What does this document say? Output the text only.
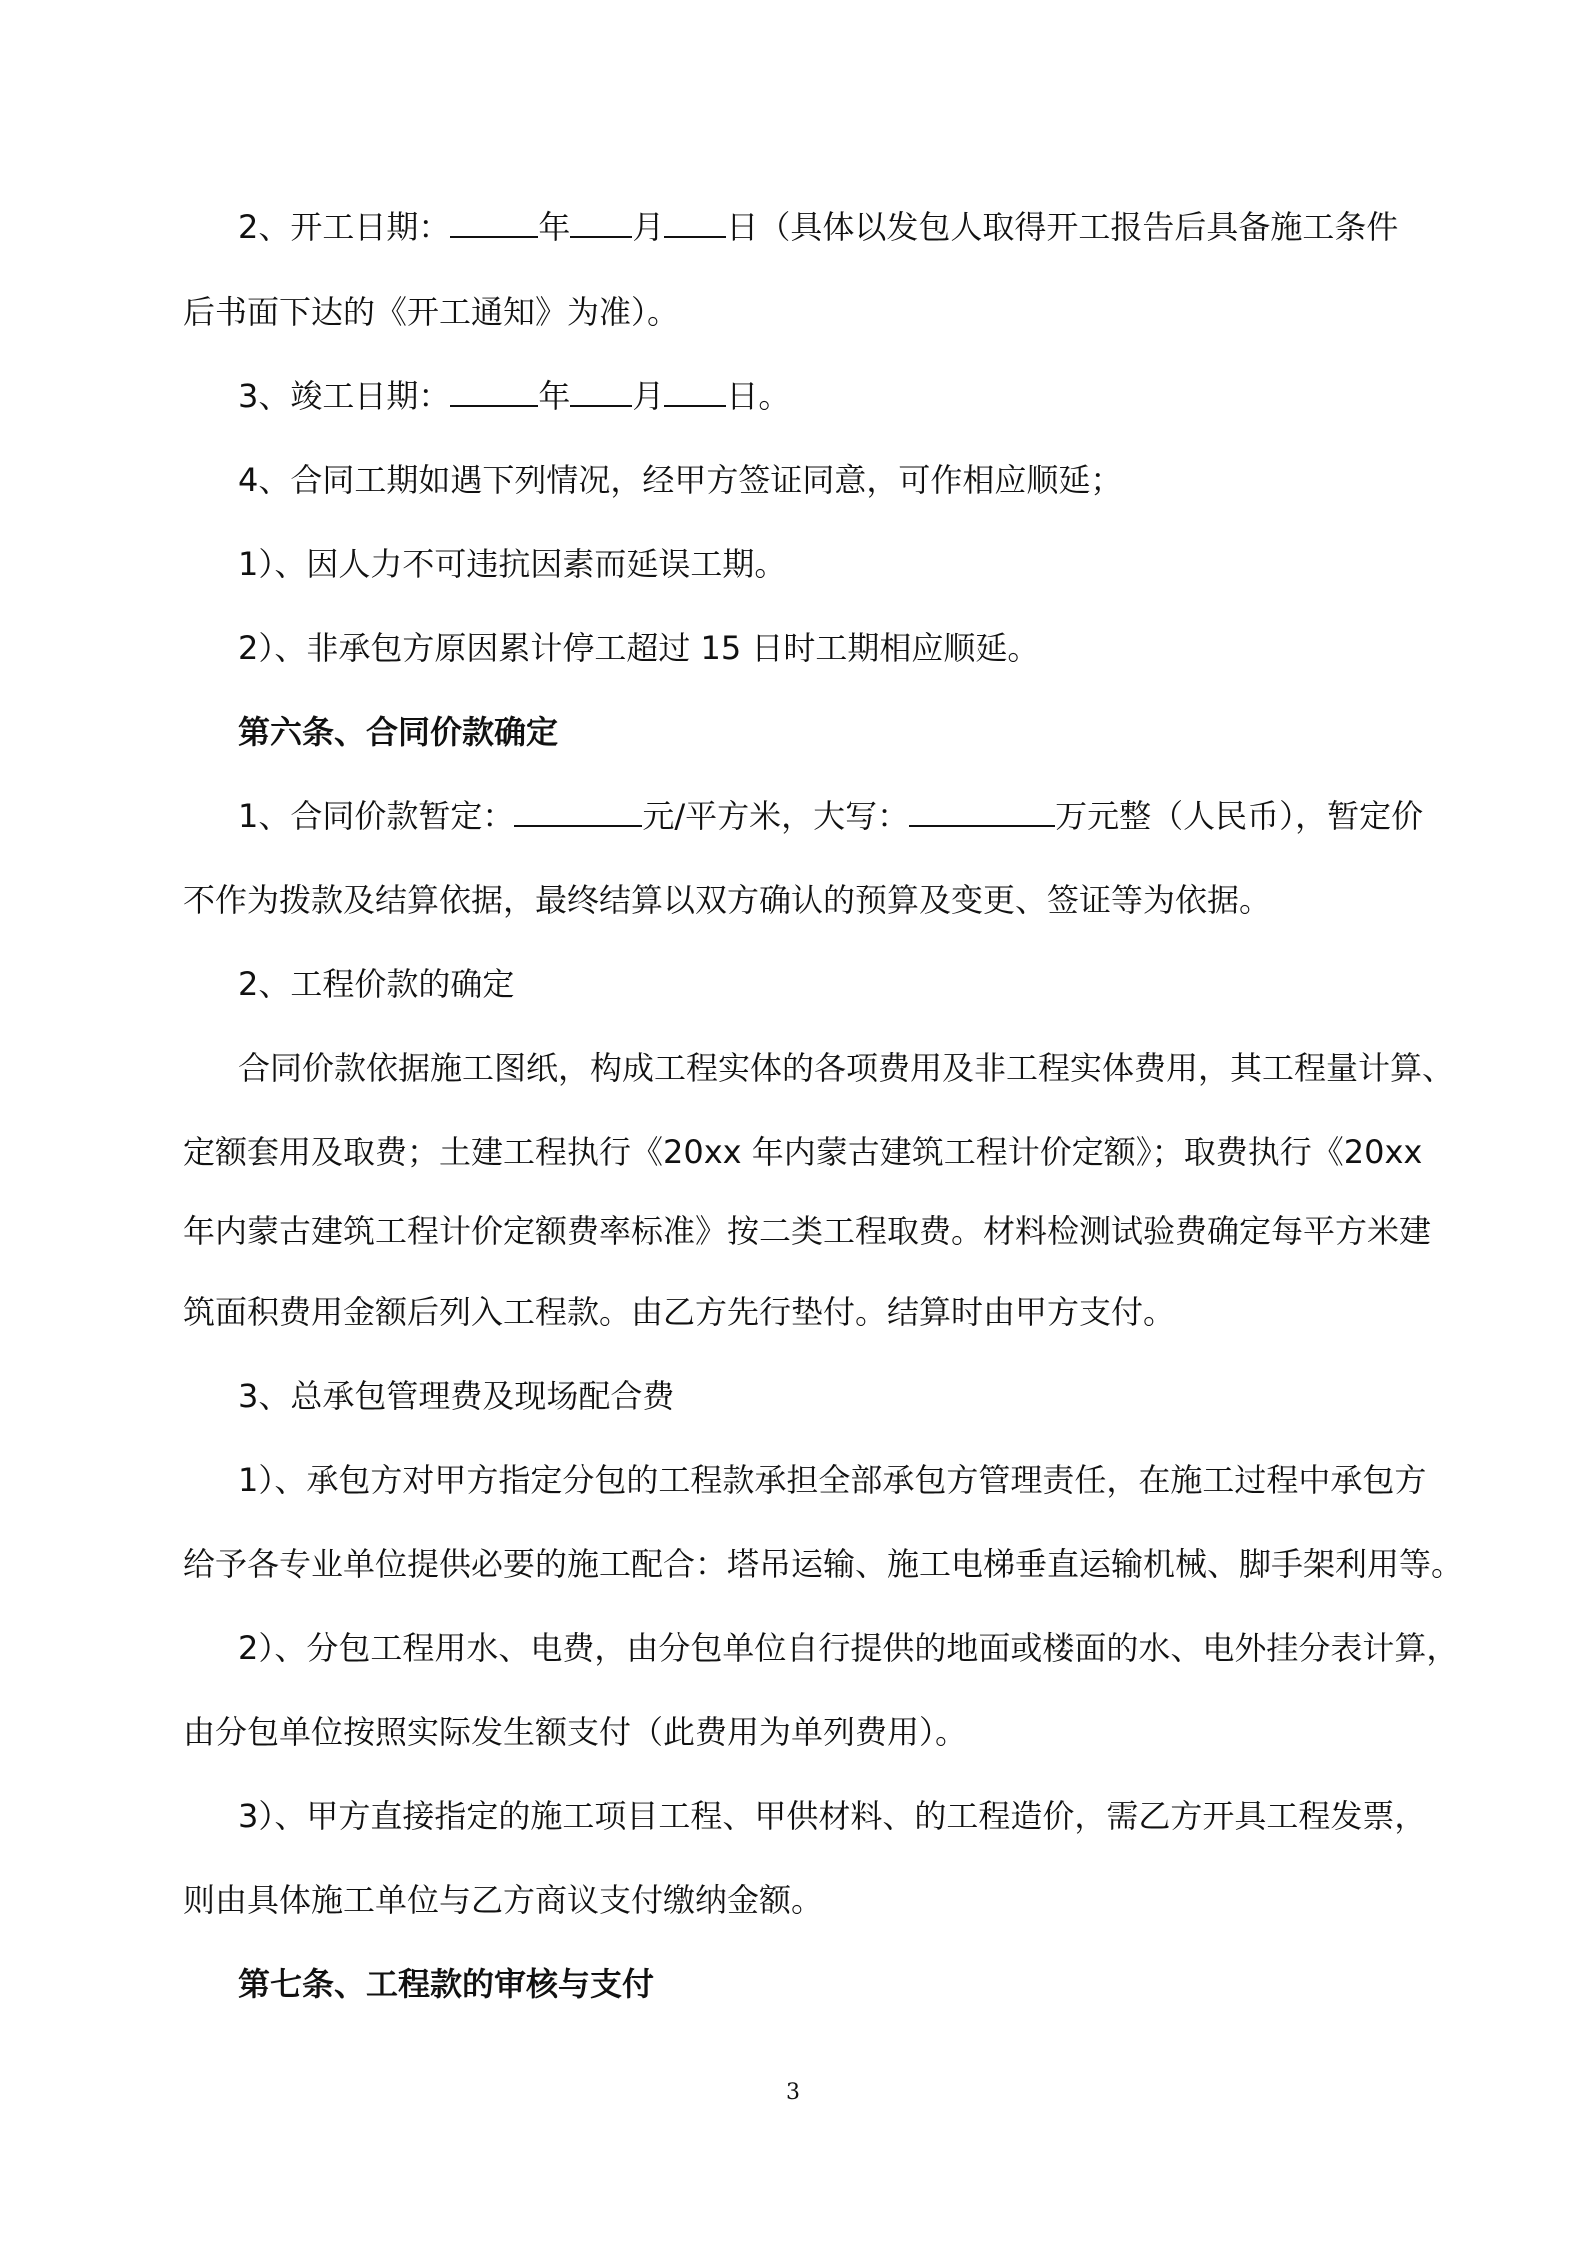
2、开工日期：	年 月 日（具体以发包人取得开工报告后具备施工条件
后书面下达的《开工通知》为准）。
3、竣工日期：	年 月 日。
4、合同工期如遇下列情况，经甲方签证同意，可作相应顺延；
1）、因人力不可违抗因素而延误工期。
2）、非承包方原因累计停工超过 15 日时工期相应顺延。
第六条、合同价款确定
1、合同价款暂定：	元/平方米，大写：	万元整（人民币），暂定价
不作为拨款及结算依据，最终结算以双方确认的预算及变更、签证等为依据。
2、工程价款的确定
合同价款依据施工图纸，构成工程实体的各项费用及非工程实体费用，其工程量计算、
定额套用及取费；土建工程执行《20xx 年内蒙古建筑工程计价定额》；取费执行《20xx
年内蒙古建筑工程计价定额费率标准》按二类工程取费。材料检测试验费确定每平方米建
筑面积费用金额后列入工程款。由乙方先行垫付。结算时由甲方支付。
3、总承包管理费及现场配合费
1）、承包方对甲方指定分包的工程款承担全部承包方管理责任，在施工过程中承包方
给予各专业单位提供必要的施工配合：塔吊运输、施工电梯垂直运输机械、脚手架利用等。
2）、分包工程用水、电费，由分包单位自行提供的地面或楼面的水、电外挂分表计算，
由分包单位按照实际发生额支付（此费用为单列费用）。
3）、甲方直接指定的施工项目工程、甲供材料、的工程造价，需乙方开具工程发票，
则由具体施工单位与乙方商议支付缴纳金额。
第七条、工程款的审核与支付
3
